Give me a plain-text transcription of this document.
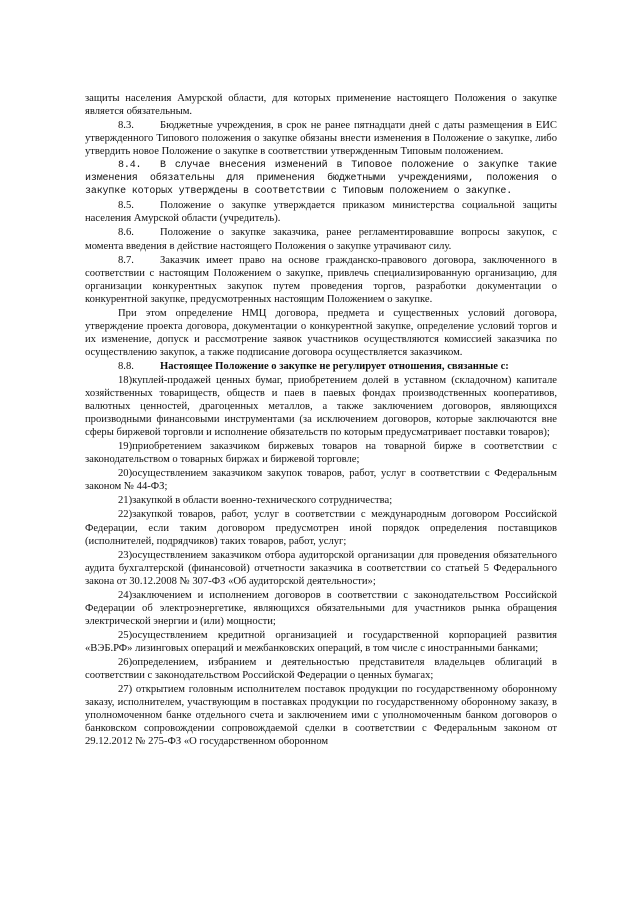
защиты населения Амурской области, для которых применение настоящего Положения о закупке является обязательным.

8.3. Бюджетные учреждения, в срок не ранее пятнадцати дней с даты размещения в ЕИС утвержденного Типового положения о закупке обязаны внести изменения в Положение о закупке, либо утвердить новое Положение о закупке в соответствии утвержденным Типовым положением.

8.4. В случае внесения изменений в Типовое положение о закупке такие изменения обязательны для применения бюджетными учреждениями, положения о закупке которых утверждены в соответствии с Типовым положением о закупке.

8.5. Положение о закупке утверждается приказом министерства социальной защиты населения Амурской области (учредитель).

8.6. Положение о закупке заказчика, ранее регламентировавшие вопросы закупок, с момента введения в действие настоящего Положения о закупке утрачивают силу.

8.7. Заказчик имеет право на основе гражданско-правового договора, заключенного в соответствии с настоящим Положением о закупке, привлечь специализированную организацию, для организации конкурентных закупок путем проведения торгов, разработки документации о конкурентной закупке, предусмотренных настоящим Положением о закупке.

При этом определение НМЦ договора, предмета и существенных условий договора, утверждение проекта договора, документации о конкурентной закупке, определение условий торгов и их изменение, допуск и рассмотрение заявок участников осуществляются комиссией заказчика по осуществлению закупок, а также подписание договора осуществляется заказчиком.

8.8. Настоящее Положение о закупке не регулирует отношения, связанные с:

18)куплей-продажей ценных бумаг, приобретением долей в уставном (складочном) капитале хозяйственных товариществ, обществ и паев в паевых фондах производственных кооперативов, валютных ценностей, драгоценных металлов, а также заключением договоров, являющихся производными финансовыми инструментами (за исключением договоров, которые заключаются вне сферы биржевой торговли и исполнение обязательств по которым предусматривает поставки товаров);

19)приобретением заказчиком биржевых товаров на товарной бирже в соответствии с законодательством о товарных биржах и биржевой торговле;

20)осуществлением заказчиком закупок товаров, работ, услуг в соответствии с Федеральным законом № 44-ФЗ;

21)закупкой в области военно-технического сотрудничества;

22)закупкой товаров, работ, услуг в соответствии с международным договором Российской Федерации, если таким договором предусмотрен иной порядок определения поставщиков (исполнителей, подрядчиков) таких товаров, работ, услуг;

23)осуществлением заказчиком отбора аудиторской организации для проведения обязательного аудита бухгалтерской (финансовой) отчетности заказчика в соответствии со статьей 5 Федерального закона от 30.12.2008 № 307-ФЗ «Об аудиторской деятельности»;

24)заключением и исполнением договоров в соответствии с законодательством Российской Федерации об электроэнергетике, являющихся обязательными для участников рынка обращения электрической энергии и (или) мощности;

25)осуществлением кредитной организацией и государственной корпорацией развития «ВЭБ.РФ» лизинговых операций и межбанковских операций, в том числе с иностранными банками;

26)определением, избранием и деятельностью представителя владельцев облигаций в соответствии с законодательством Российской Федерации о ценных бумагах;

27) открытием головным исполнителем поставок продукции по государственному оборонному заказу, исполнителем, участвующим в поставках продукции по государственному оборонному заказу, в уполномоченном банке отдельного счета и заключением ими с уполномоченным банком договоров о банковском сопровождении сопровождаемой сделки в соответствии с Федеральным законом от 29.12.2012 № 275-ФЗ «О государственном оборонном
